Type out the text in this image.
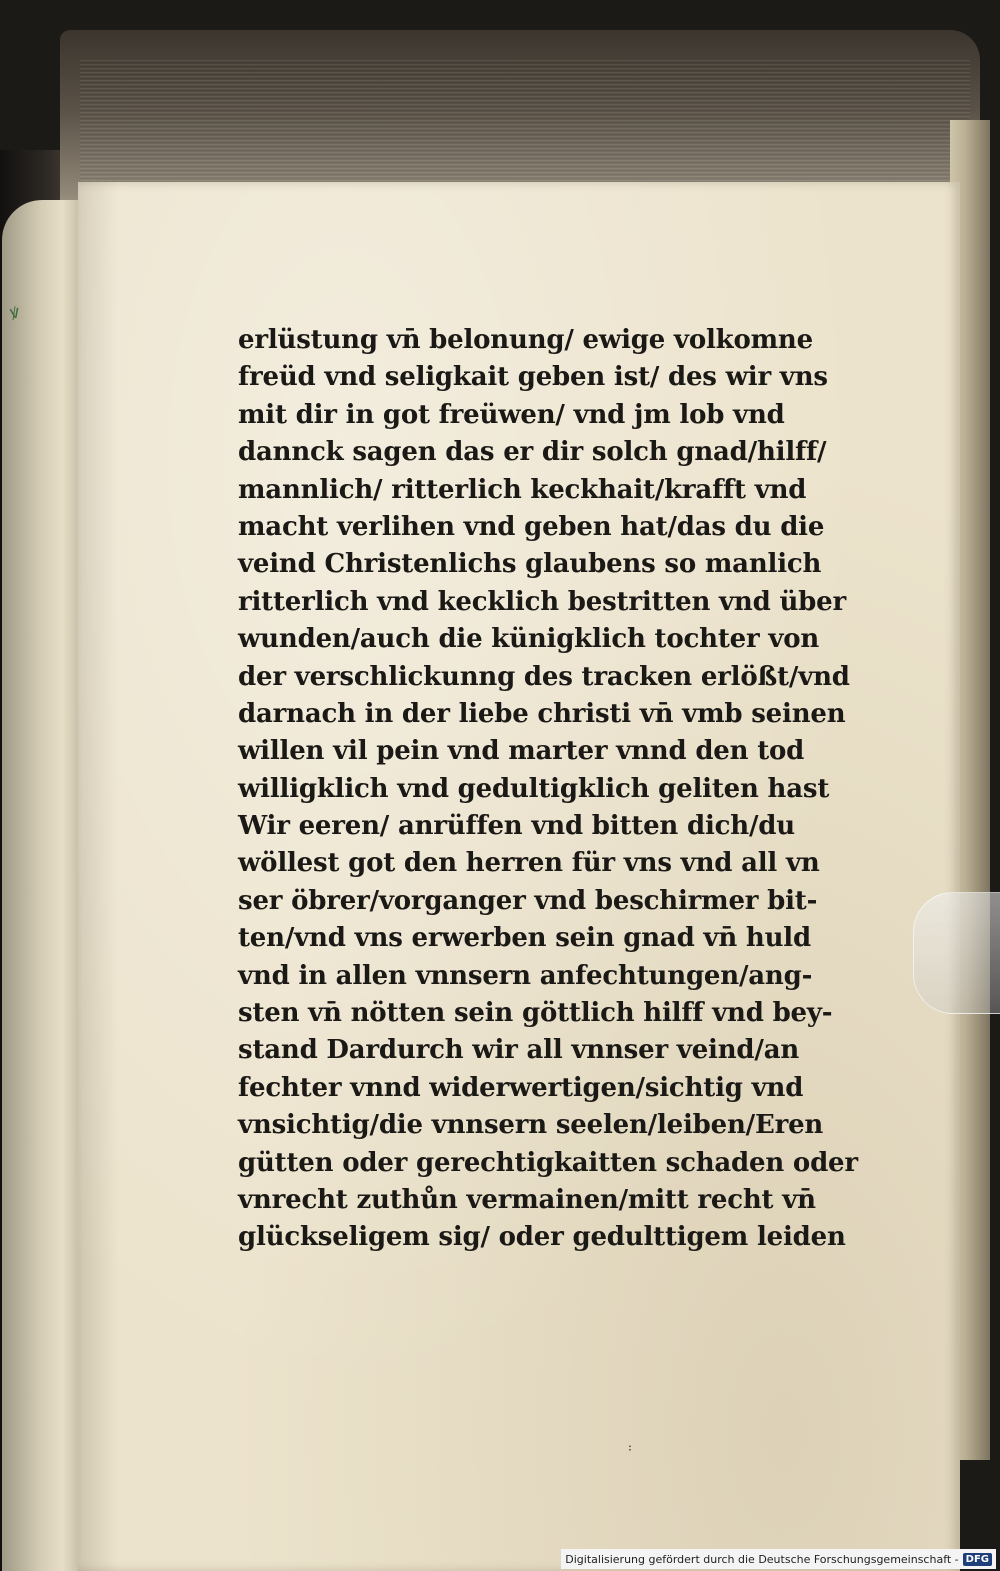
ꝟ
erlüstung vn̄ belonung/ ewige volkomne
freüd vnd seligkait geben ist/ des wir vns
mit dir in got freüwen/ vnd jm lob vnd
dannck sagen das er dir solch gnad/hilff/
mannlich/ ritterlich keckhait/krafft vnd
macht verlihen vnd geben hat/das du die
veind Christenlichs glaubens so manlich
ritterlich vnd kecklich bestritten vnd über
wunden/auch die künigklich tochter von
der verschlickunng des tracken erlößt/vnd
darnach in der liebe christi vn̄ vmb seinen
willen vil pein vnd marter vnnd den tod
willigklich vnd gedultigklich geliten hast
Wir eeren/ anrüffen vnd bitten dich/du
wöllest got den herren für vns vnd all vn
ser öbrer/vorganger vnd beschirmer bit-
ten/vnd vns erwerben sein gnad vn̄ huld
vnd in allen vnnsern anfechtungen/ang-
sten vn̄ nötten sein göttlich hilff vnd bey-
stand Dardurch wir all vnnser veind/an
fechter vnnd widerwertigen/sichtig vnd
vnsichtig/die vnnsern seelen/leiben/Eren
gütten oder gerechtigkaitten schaden oder
vnrecht zuthůn vermainen/mitt recht vn̄
glückseligem sig/ oder gedulttigem leiden
꞉
Digitalisierung gefördert durch die Deutsche Forschungsgemeinschaft - DFG
